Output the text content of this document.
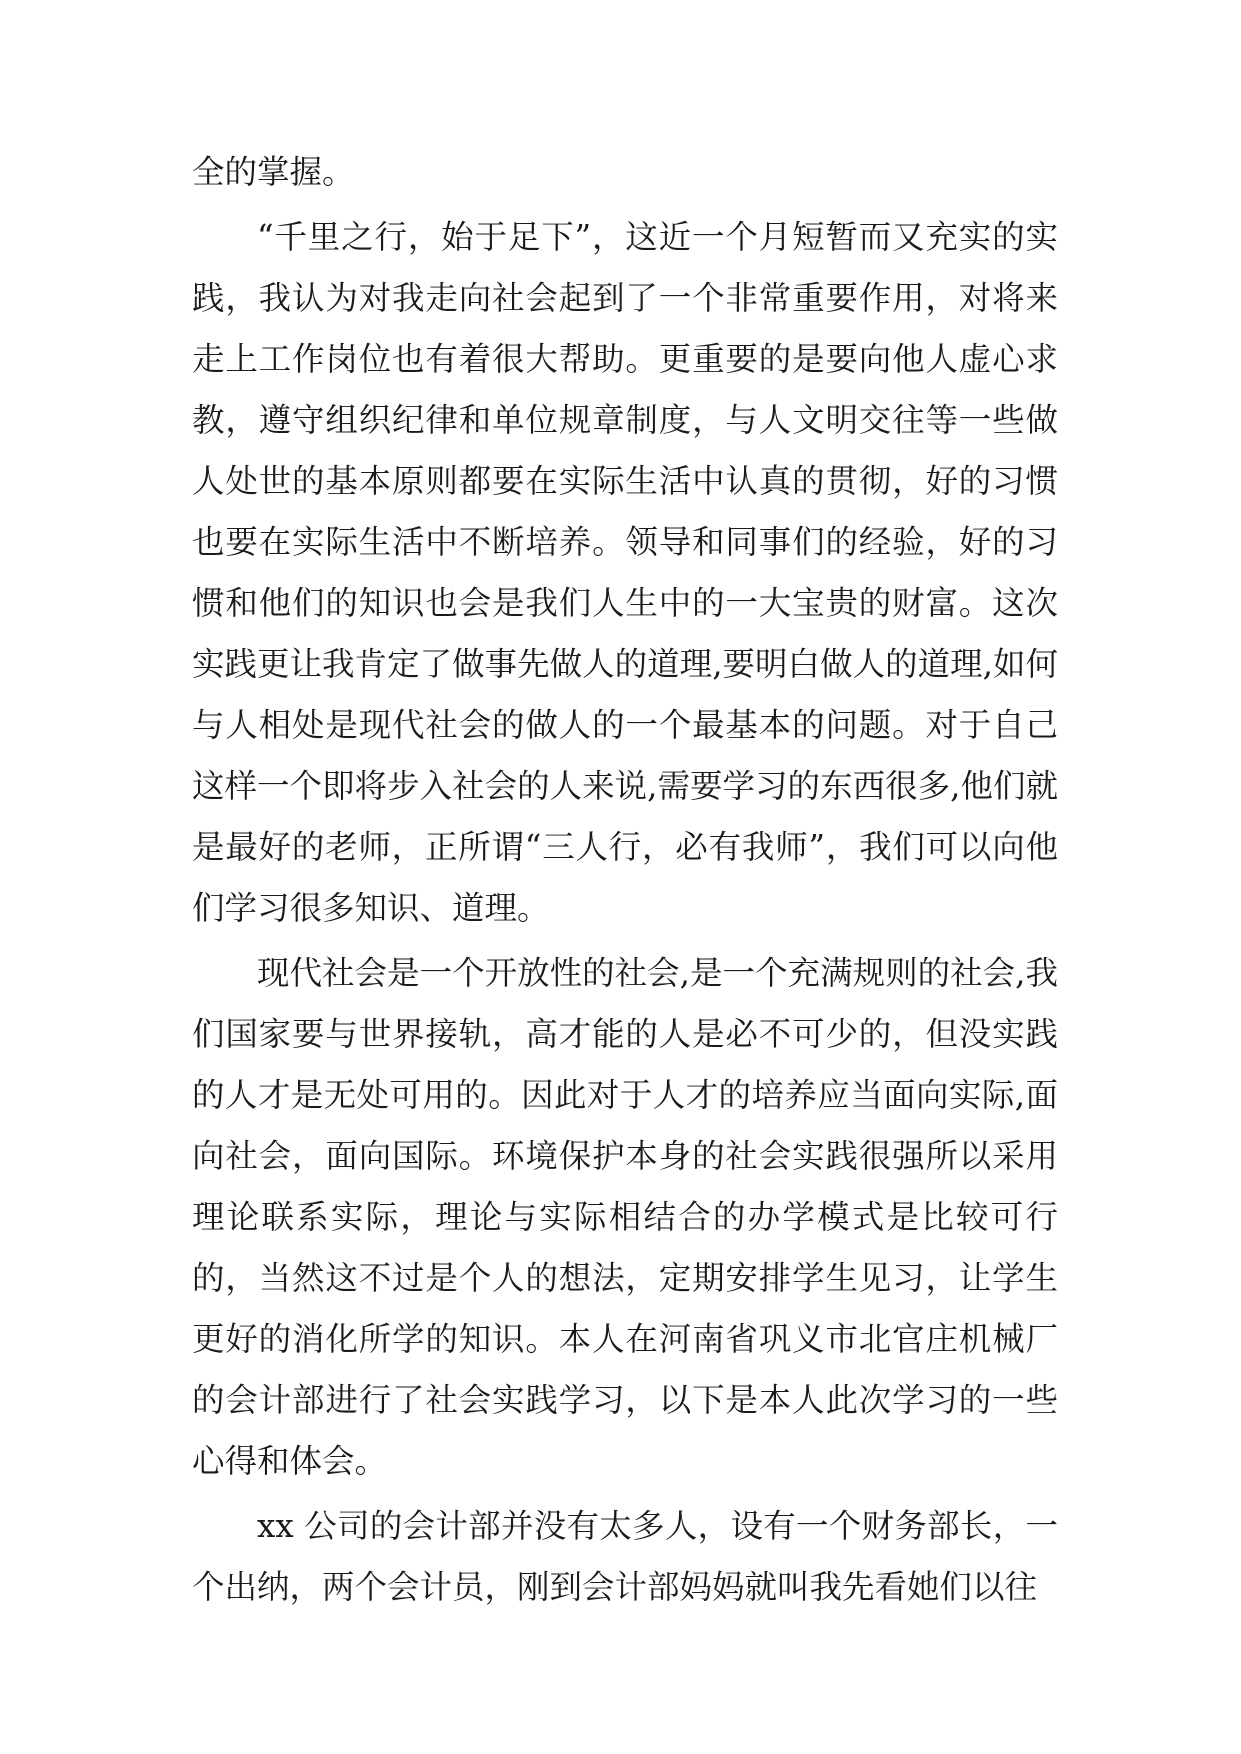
全的掌握。

“千里之行，始于足下”，这近一个月短暂而又充实的实践，我认为对我走向社会起到了一个非常重要作用，对将来走上工作岗位也有着很大帮助。更重要的是要向他人虚心求教，遵守组织纪律和单位规章制度，与人文明交往等一些做人处世的基本原则都要在实际生活中认真的贯彻，好的习惯也要在实际生活中不断培养。领导和同事们的经验，好的习惯和他们的知识也会是我们人生中的一大宝贵的财富。这次实践更让我肯定了做事先做人的道理,要明白做人的道理,如何与人相处是现代社会的做人的一个最基本的问题。对于自己这样一个即将步入社会的人来说,需要学习的东西很多,他们就是最好的老师，正所谓“三人行，必有我师”，我们可以向他们学习很多知识、道理。

现代社会是一个开放性的社会,是一个充满规则的社会,我们国家要与世界接轨，高才能的人是必不可少的，但没实践的人才是无处可用的。因此对于人才的培养应当面向实际,面向社会，面向国际。环境保护本身的社会实践很强所以采用理论联系实际，理论与实际相结合的办学模式是比较可行的，当然这不过是个人的想法，定期安排学生见习，让学生更好的消化所学的知识。本人在河南省巩义市北官庄机械厂的会计部进行了社会实践学习，以下是本人此次学习的一些心得和体会。

xx 公司的会计部并没有太多人，设有一个财务部长，一个出纳，两个会计员，刚到会计部妈妈就叫我先看她们以往
